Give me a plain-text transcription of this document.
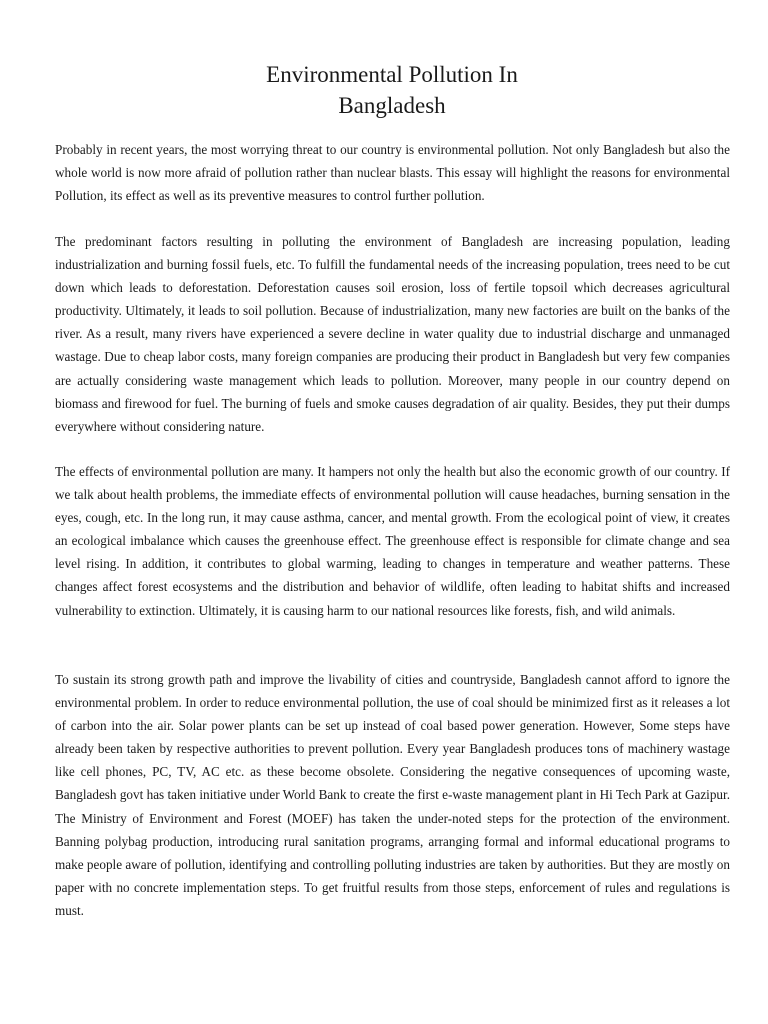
Environmental Pollution In
Bangladesh

Probably in recent years, the most worrying threat to our country is environmental pollution. Not only Bangladesh but also the whole world is now more afraid of pollution rather than nuclear blasts. This essay will highlight the reasons for environmental Pollution, its effect as well as its preventive measures to control further pollution.

The predominant factors resulting in polluting the environment of Bangladesh are increasing population, leading industrialization and burning fossil fuels, etc. To fulfill the fundamental needs of the increasing population, trees need to be cut down which leads to deforestation. Deforestation causes soil erosion, loss of fertile topsoil which decreases agricultural productivity. Ultimately, it leads to soil pollution. Because of industrialization, many new factories are built on the banks of the river. As a result, many rivers have experienced a severe decline in water quality due to industrial discharge and unmanaged wastage. Due to cheap labor costs, many foreign companies are producing their product in Bangladesh but very few companies are actually considering waste management which leads to pollution. Moreover, many people in our country depend on biomass and firewood for fuel. The burning of fuels and smoke causes degradation of air quality. Besides, they put their dumps everywhere without considering nature.

The effects of environmental pollution are many. It hampers not only the health but also the economic growth of our country. If we talk about health problems, the immediate effects of environmental pollution will cause headaches, burning sensation in the eyes, cough, etc. In the long run, it may cause asthma, cancer, and mental growth. From the ecological point of view, it creates an ecological imbalance which causes the greenhouse effect. The greenhouse effect is responsible for climate change and sea level rising. In addition, it contributes to global warming, leading to changes in temperature and weather patterns. These changes affect forest ecosystems and the distribution and behavior of wildlife, often leading to habitat shifts and increased vulnerability to extinction. Ultimately, it is causing harm to our national resources like forests, fish, and wild animals.

To sustain its strong growth path and improve the livability of cities and countryside, Bangladesh cannot afford to ignore the environmental problem. In order to reduce environmental pollution, the use of coal should be minimized first as it releases a lot of carbon into the air. Solar power plants can be set up instead of coal based power generation. However, Some steps have already been taken by respective authorities to prevent pollution. Every year Bangladesh produces tons of machinery wastage like cell phones, PC, TV, AC etc. as these become obsolete. Considering the negative consequences of upcoming waste, Bangladesh govt has taken initiative under World Bank to create the first e-waste management plant in Hi Tech Park at Gazipur. The Ministry of Environment and Forest (MOEF) has taken the under-noted steps for the protection of the environment. Banning polybag production, introducing rural sanitation programs, arranging formal and informal educational programs to make people aware of pollution, identifying and controlling polluting industries are taken by authorities. But they are mostly on paper with no concrete implementation steps. To get fruitful results from those steps, enforcement of rules and regulations is must.
